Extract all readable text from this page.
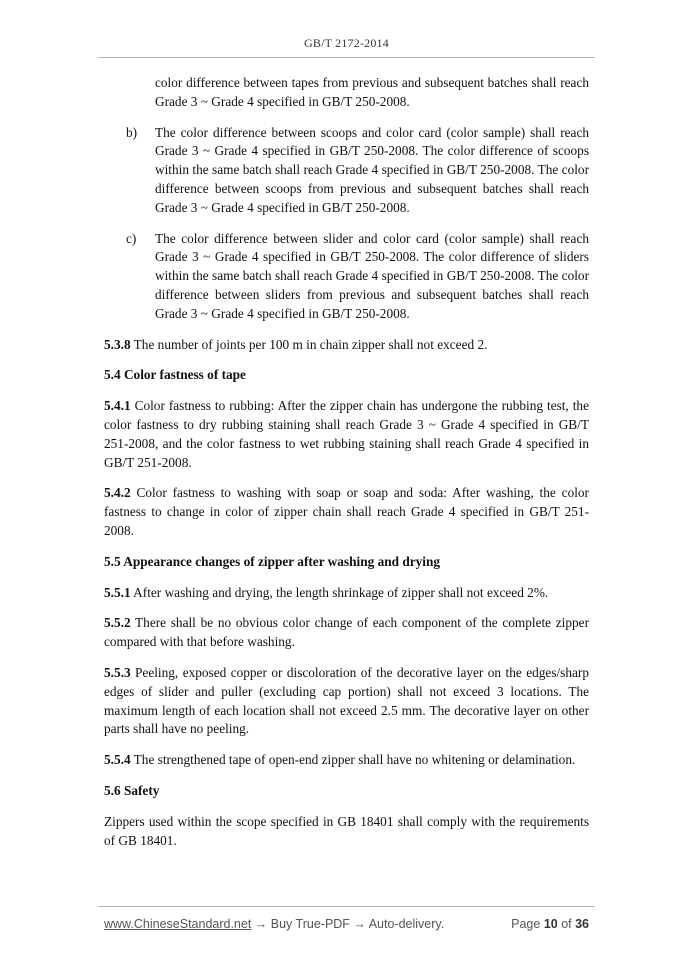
GB/T 2172-2014

color difference between tapes from previous and subsequent batches shall reach Grade 3 ~ Grade 4 specified in GB/T 250-2008.

b)	The color difference between scoops and color card (color sample) shall reach Grade 3 ~ Grade 4 specified in GB/T 250-2008. The color difference of scoops within the same batch shall reach Grade 4 specified in GB/T 250-2008. The color difference between scoops from previous and subsequent batches shall reach Grade 3 ~ Grade 4 specified in GB/T 250-2008.
c)	The color difference between slider and color card (color sample) shall reach Grade 3 ~ Grade 4 specified in GB/T 250-2008. The color difference of sliders within the same batch shall reach Grade 4 specified in GB/T 250-2008. The color difference between sliders from previous and subsequent batches shall reach Grade 3 ~ Grade 4 specified in GB/T 250-2008.

5.3.8 The number of joints per 100 m in chain zipper shall not exceed 2.

5.4 Color fastness of tape

5.4.1 Color fastness to rubbing: After the zipper chain has undergone the rubbing test, the color fastness to dry rubbing staining shall reach Grade 3 ~ Grade 4 specified in GB/T 251-2008, and the color fastness to wet rubbing staining shall reach Grade 4 specified in GB/T 251-2008.

5.4.2 Color fastness to washing with soap or soap and soda: After washing, the color fastness to change in color of zipper chain shall reach Grade 4 specified in GB/T 251-2008.

5.5 Appearance changes of zipper after washing and drying

5.5.1 After washing and drying, the length shrinkage of zipper shall not exceed 2%.

5.5.2 There shall be no obvious color change of each component of the complete zipper compared with that before washing.

5.5.3 Peeling, exposed copper or discoloration of the decorative layer on the edges/sharp edges of slider and puller (excluding cap portion) shall not exceed 3 locations. The maximum length of each location shall not exceed 2.5 mm. The decorative layer on other parts shall have no peeling.

5.5.4 The strengthened tape of open-end zipper shall have no whitening or delamination.

5.6 Safety

Zippers used within the scope specified in GB 18401 shall comply with the requirements of GB 18401.

www.ChineseStandard.net → Buy True-PDF → Auto-delivery.	Page 10 of 36
